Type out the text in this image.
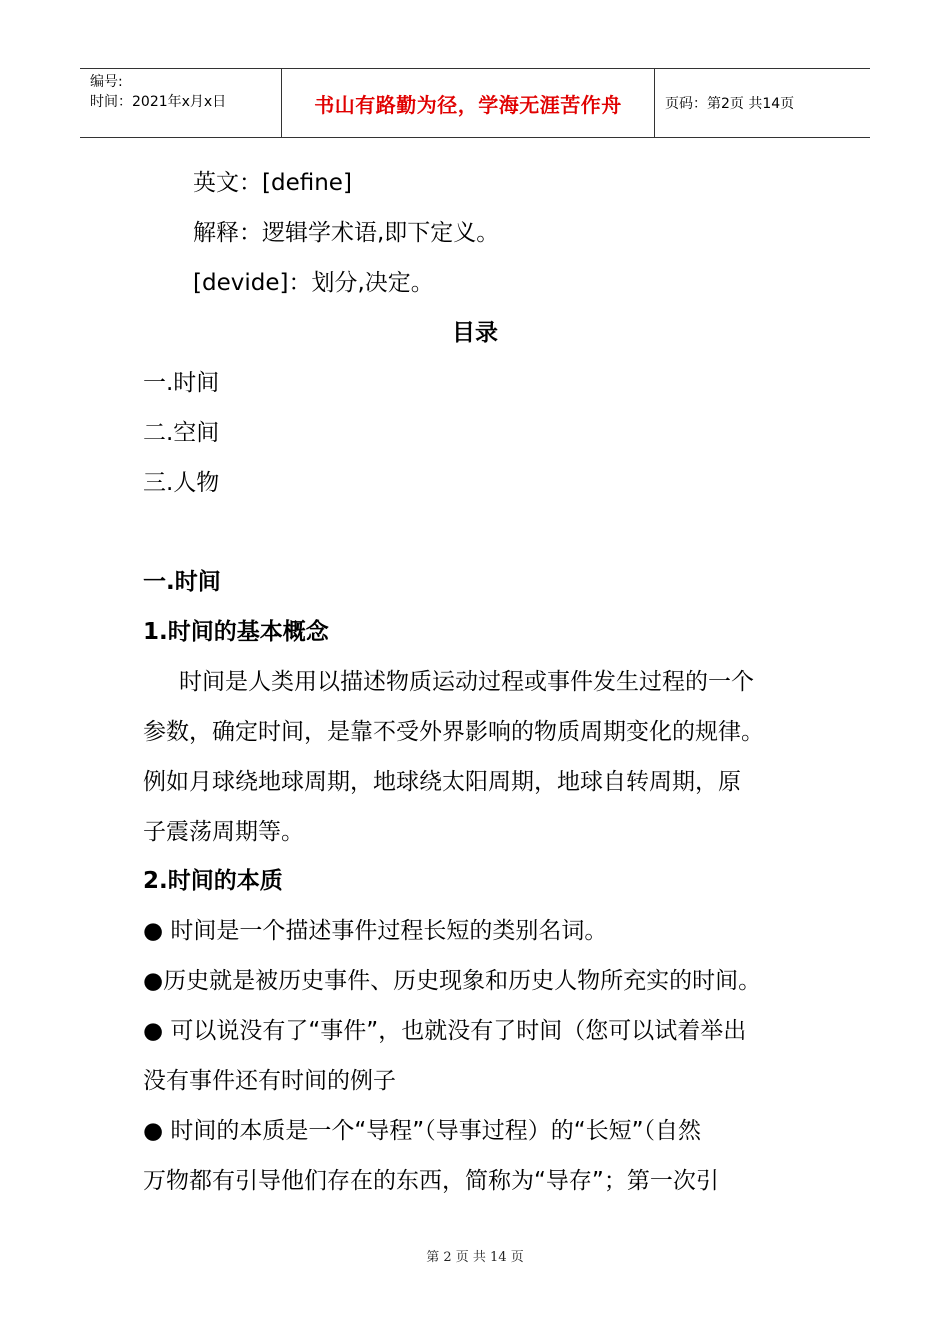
编号:
时间：2021年x月x日	书山有路勤为径，学海无涯苦作舟	页码：第2页 共14页
英文：[define]
解释：逻辑学术语,即下定义。
[devide]：划分,决定。
目录
一.时间
二.空间
三.人物
一.时间
1.时间的基本概念
时间是人类用以描述物质运动过程或事件发生过程的一个
参数，确定时间，是靠不受外界影响的物质周期变化的规律。
例如月球绕地球周期，地球绕太阳周期，地球自转周期，原
子震荡周期等。
2.时间的本质
● 时间是一个描述事件过程长短的类别名词。
●历史就是被历史事件、历史现象和历史人物所充实的时间。
● 可以说没有了“事件”，也就没有了时间（您可以试着举出
没有事件还有时间的例子
● 时间的本质是一个“导程”（导事过程）的“长短”（自然
万物都有引导他们存在的东西，简称为“导存”；第一次引
第 2 页 共 14 页
